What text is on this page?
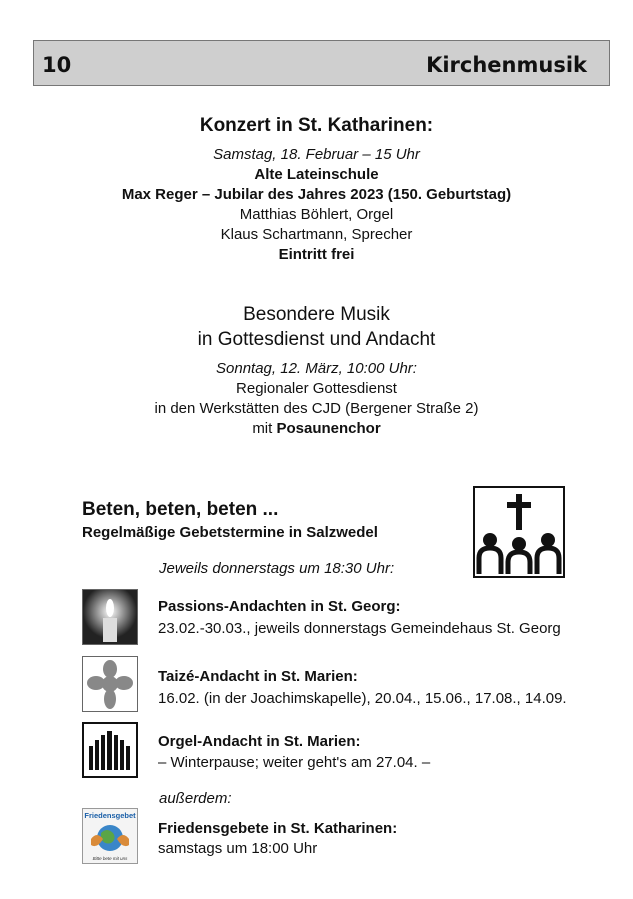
10	Kirchenmusik
Konzert in St. Katharinen:
Samstag, 18. Februar – 15 Uhr
Alte Lateinschule
Max Reger – Jubilar des Jahres 2023 (150. Geburtstag)
Matthias Böhlert, Orgel
Klaus Schartmann, Sprecher
Eintritt frei
Besondere Musik
in Gottesdienst und Andacht
Sonntag, 12. März, 10:00 Uhr:
Regionaler Gottesdienst
in den Werkstätten des CJD (Bergener Straße 2)
mit Posaunenchor
Beten, beten, beten ...
Regelmäßige Gebetstermine in Salzwedel
Jeweils donnerstags um 18:30 Uhr:
Passions-Andachten in St. Georg:
23.02.-30.03., jeweils donnerstags Gemeindehaus St. Georg
Taizé-Andacht in St. Marien:
16.02. (in der Joachimskapelle), 20.04., 15.06., 17.08., 14.09.
Orgel-Andacht in St. Marien:
– Winterpause; weiter geht's am 27.04. –
außerdem:
Friedensgebet
Bitte bete mit uns
Friedensgebete in St. Katharinen:
samstags um 18:00 Uhr
